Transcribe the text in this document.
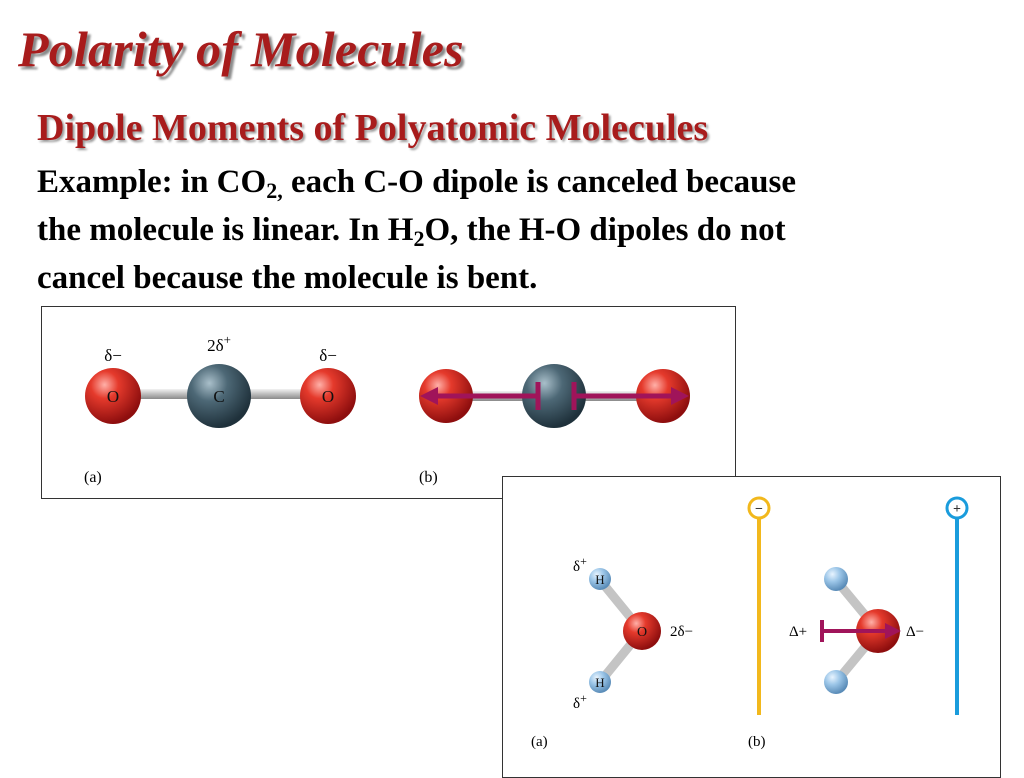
Polarity of Molecules
Dipole Moments of Polyatomic Molecules
Example: in $CO_{2,}$ each C-O dipole is canceled because
the molecule is linear. In $H_2O$, the H-O dipoles do not
cancel because the molecule is bent.
δ−
2δ+
δ−
O	C	O
(a)	(b)
H
H
O
δ+
δ+
2δ−
(a)
−	+
Δ+	Δ−
(b)
